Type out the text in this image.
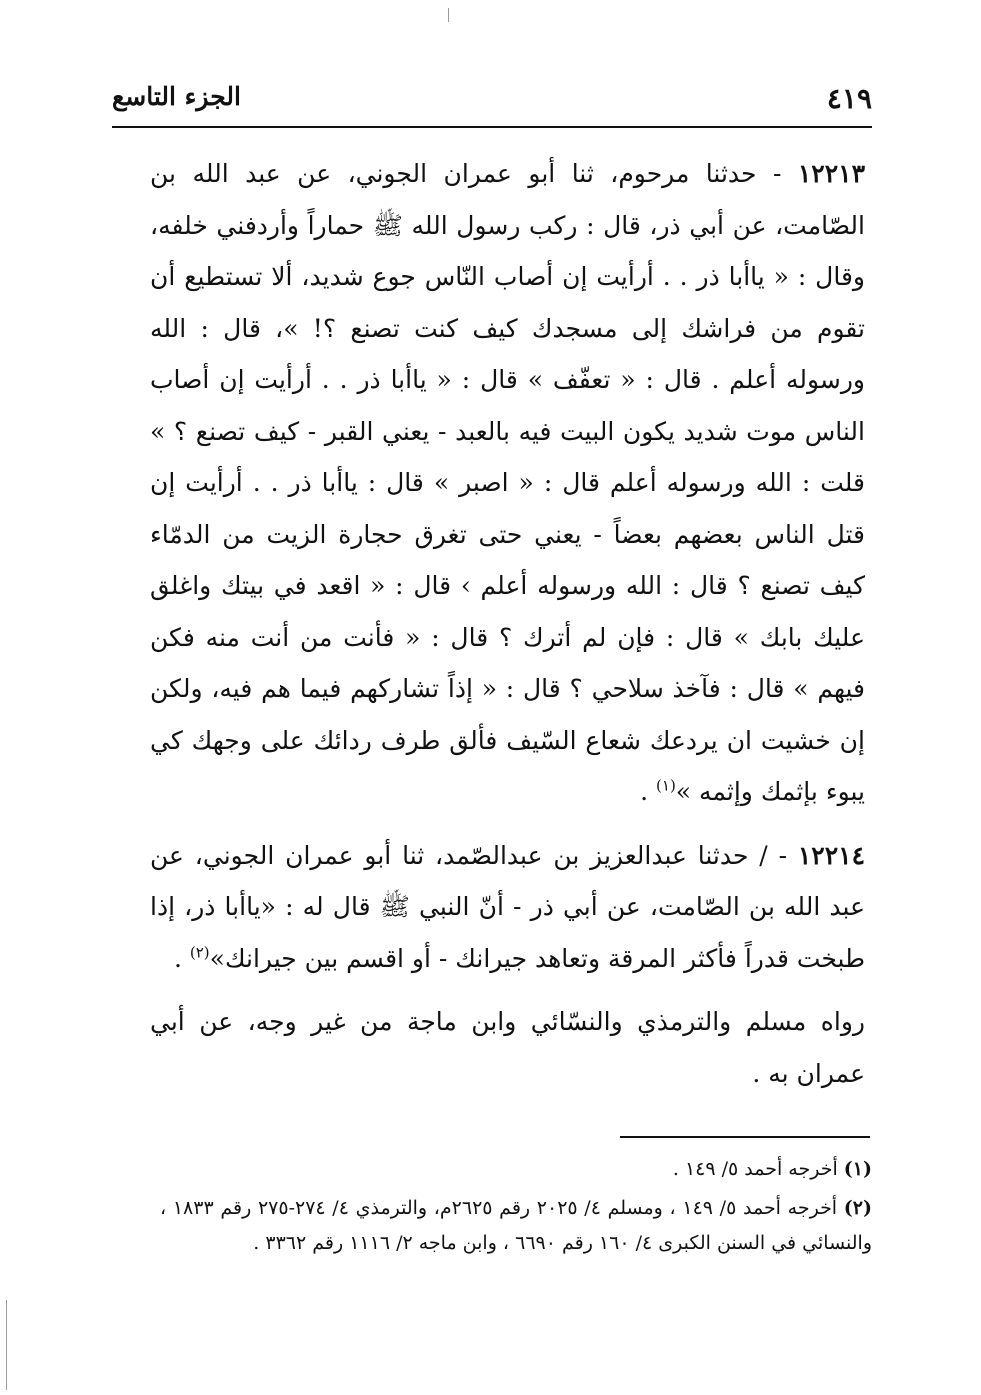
٤١٩
الجزء التاسع

١٢٢١٣ - حدثنا مرحوم، ثنا أبو عمران الجوني، عن عبد الله بن الصّامت، عن أبي ذر، قال : ركب رسول الله ﷺ حماراً وأردفني خلفه، وقال : « ياأبا ذر . . أرأيت إن أصاب النّاس جوع شديد، ألا تستطيع أن تقوم من فراشك إلى مسجدك كيف كنت تصنع ؟! »، قال : الله ورسوله أعلم . قال : « تعفّف » قال : « ياأبا ذر . . أرأيت إن أصاب الناس موت شديد يكون البيت فيه بالعبد - يعني القبر - كيف تصنع ؟ » قلت : الله ورسوله أعلم قال : « اصبر » قال : ياأبا ذر . . أرأيت إن قتل الناس بعضهم بعضاً - يعني حتى تغرق حجارة الزيت من الدمّاء كيف تصنع ؟ قال : الله ورسوله أعلم › قال : « اقعد في بيتك واغلق عليك بابك » قال : فإن لم أترك ؟ قال : « فأنت من أنت منه فكن فيهم » قال : فآخذ سلاحي ؟ قال : « إذاً تشاركهم فيما هم فيه، ولكن إن خشيت ان يردعك شعاع السّيف فألق طرف ردائك على وجهك كي يبوء بإثمك وإثمه »$^{(١)}$ .

١٢٢١٤ - / حدثنا عبدالعزيز بن عبدالصّمد، ثنا أبو عمران الجوني، عن عبد الله بن الصّامت، عن أبي ذر - أنّ النبي ﷺ قال له : «ياأبا ذر، إذا طبخت قدراً فأكثر المرقة وتعاهد جيرانك - أو اقسم بين جيرانك»$^{(٢)}$ .

رواه مسلم والترمذي والنسّائي وابن ماجة من غير وجه، عن أبي عمران به .

(١) أخرجه أحمد ٥/ ١٤٩ .

(٢) أخرجه أحمد ٥/ ١٤٩ ، ومسلم ٤/ ٢٠٢٥ رقم ٢٦٢٥م، والترمذي ٤/ ٢٧٤-٢٧٥ رقم ١٨٣٣ ، والنسائي في السنن الكبرى ٤/ ١٦٠ رقم ٦٦٩٠ ، وابن ماجه ٢/ ١١١٦ رقم ٣٣٦٢ .
